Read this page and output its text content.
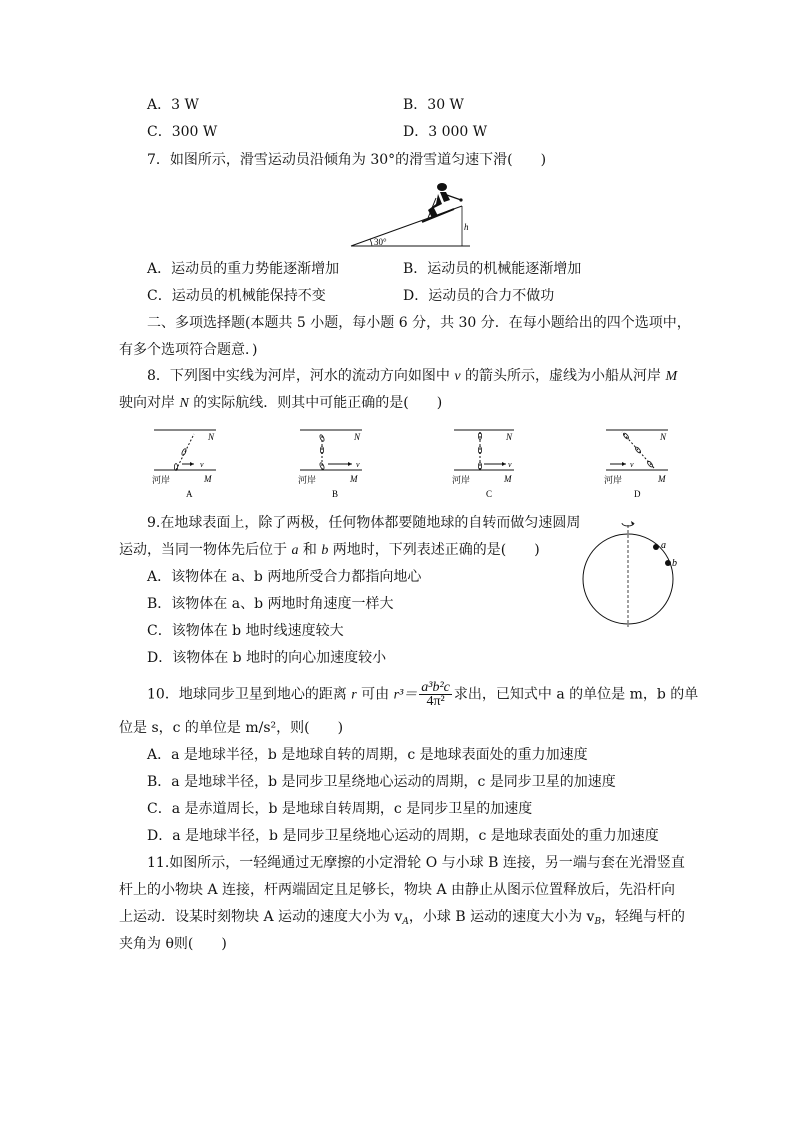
A．3 W	B．30 W
C．300 W	D．3 000 W
7．如图所示，滑雪运动员沿倾角为 30°的滑雪道匀速下滑(　　)
30°
h
A．运动员的重力势能逐渐增加	B．运动员的机械能逐渐增加
C．运动员的机械能保持不变	D．运动员的合力不做功
二、多项选择题(本题共 5 小题，每小题 6 分，共 30 分．在每小题给出的四个选项中，
有多个选项符合题意．)
8．下列图中实线为河岸，河水的流动方向如图中 v 的箭头所示，虚线为小船从河岸 M
驶向对岸 N 的实际航线．则其中可能正确的是(　　)
N
v
河岸	M
A
N
v
河岸	M
B
N
v
河岸	M
C
N
v
河岸	M
D
9.在地球表面上，除了两极，任何物体都要随地球的自转而做匀速圆周
运动，当同一物体先后位于 a 和 b 两地时，下列表述正确的是(　　)
A．该物体在 a、b 两地所受合力都指向地心
B．该物体在 a、b 两地时角速度一样大
C．该物体在 b 地时线速度较大
D．该物体在 b 地时的向心加速度较小
a
b
10．地球同步卫星到地心的距离 r 可由 $r^3= \frac{\text{a³b²c}}{\text{4π²}}$ 求出，已知式中 a 的单位是 m，b 的单
位是 s，c 的单位是 m/s²，则(　　)
A．a 是地球半径，b 是地球自转的周期，c 是地球表面处的重力加速度
B．a 是地球半径，b 是同步卫星绕地心运动的周期，c 是同步卫星的加速度
C．a 是赤道周长，b 是地球自转周期，c 是同步卫星的加速度
D．a 是地球半径，b 是同步卫星绕地心运动的周期，c 是地球表面处的重力加速度
11.如图所示，一轻绳通过无摩擦的小定滑轮 O 与小球 B 连接，另一端与套在光滑竖直
杆上的小物块 A 连接，杆两端固定且足够长，物块 A 由静止从图示位置释放后，先沿杆向
上运动．设某时刻物块 A 运动的速度大小为 $v_A$，小球 B 运动的速度大小为 $v_B$，轻绳与杆的
夹角为 θ则(　　)
